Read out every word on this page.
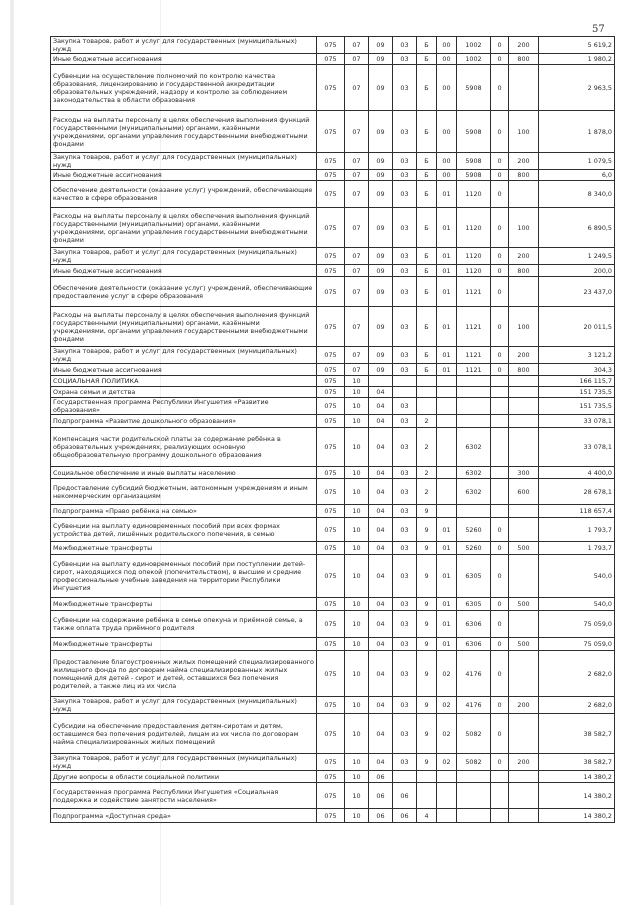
57
Закупка товаров, работ и услуг для государственных (муниципальных) нужд	075	07	09	03	Б	00	1002	0	200	5 619,2
Иные бюджетные ассигнования	075	07	09	03	Б	00	1002	0	800	1 980,2
Субвенции на осуществление полномочий по контролю качества образования, лицензированию и государственной аккредитации образовательных учреждений, надзору и контролю за соблюдением законодательства в области образования	075	07	09	03	Б	00	5908	0		2 963,5
Расходы на выплаты персоналу в целях обеспечения выполнения функций государственными (муниципальными) органами, казёнными учреждениями, органами управления государственными внебюджетными фондами	075	07	09	03	Б	00	5908	0	100	1 878,0
Закупка товаров, работ и услуг для государственных (муниципальных) нужд	075	07	09	03	Б	00	5908	0	200	1 079,5
Иные бюджетные ассигнования	075	07	09	03	Б	00	5908	0	800	6,0
Обеспечение деятельности (оказание услуг) учреждений, обеспечивающие качество в сфере образования	075	07	09	03	Б	01	1120	0		8 340,0
Расходы на выплаты персоналу в целях обеспечения выполнения функций государственными (муниципальными) органами, казёнными учреждениями, органами управления государственными внебюджетными фондами	075	07	09	03	Б	01	1120	0	100	6 890,5
Закупка товаров, работ и услуг для государственных (муниципальных) нужд	075	07	09	03	Б	01	1120	0	200	1 249,5
Иные бюджетные ассигнования	075	07	09	03	Б	01	1120	0	800	200,0
Обеспечение деятельности (оказание услуг) учреждений, обеспечивающие предоставление услуг в сфере образования	075	07	09	03	Б	01	1121	0		23 437,0
Расходы на выплаты персоналу в целях обеспечения выполнения функций государственными (муниципальными) органами, казёнными учреждениями, органами управления государственными внебюджетными фондами	075	07	09	03	Б	01	1121	0	100	20 011,5
Закупка товаров, работ и услуг для государственных (муниципальных) нужд	075	07	09	03	Б	01	1121	0	200	3 121,2
Иные бюджетные ассигнования	075	07	09	03	Б	01	1121	0	800	304,3
СОЦИАЛЬНАЯ ПОЛИТИКА	075	10								166 115,7
Охрана семьи и детства	075	10	04							151 735,5
Государственная программа Республики Ингушетия «Развитие образования»	075	10	04	03						151 735,5
Подпрограмма «Развитие дошкольного образования»	075	10	04	03	2					33 078,1
Компенсация части родительской платы за содержание ребёнка в образовательных учреждениях, реализующих основную общеобразовательную программу дошкольного образования	075	10	04	03	2		6302			33 078,1
Социальное обеспечение и иные выплаты населению	075	10	04	03	2		6302		300	4 400,0
Предоставление субсидий бюджетным, автономным учреждениям и иным некоммерческим организациям	075	10	04	03	2		6302		600	28 678,1
Подпрограмма «Право ребёнка на семью»	075	10	04	03	9					118 657,4
Субвенции на выплату единовременных пособий при всех формах устройства детей, лишённых родительского попечения, в семью	075	10	04	03	9	01	5260	0		1 793,7
Межбюджетные трансферты	075	10	04	03	9	01	5260	0	500	1 793,7
Субвенции на выплату единовременных пособий при поступлении детей-сирот, находящихся под опекой (попечительством), в высшие и средние профессиональные учебные заведения на территории Республики Ингушетия	075	10	04	03	9	01	6305	0		540,0
Межбюджетные трансферты	075	10	04	03	9	01	6305	0	500	540,0
Субвенции на содержание ребёнка в семье опекуна и приёмной семье, а также оплата труда приёмного родителя	075	10	04	03	9	01	6306	0		75 059,0
Межбюджетные трансферты	075	10	04	03	9	01	6306	0	500	75 059,0
Предоставление благоустроенных жилых помещений специализированного жилищного фонда по договорам найма специализированных жилых помещений для детей - сирот и детей, оставшихся без попечения родителей, а также лиц из их числа	075	10	04	03	9	02	4176	0		2 682,0
Закупка товаров, работ и услуг для государственных (муниципальных) нужд	075	10	04	03	9	02	4176	0	200	2 682,0
Субсидии на обеспечение предоставления детям-сиротам и детям, оставшимся без попечения родителей, лицам из их числа по договорам найма специализированных жилых помещений	075	10	04	03	9	02	5082	0		38 582,7
Закупка товаров, работ и услуг для государственных (муниципальных) нужд	075	10	04	03	9	02	5082	0	200	38 582,7
Другие вопросы в области социальной политики	075	10	06							14 380,2
Государственная программа Республики Ингушетия «Социальная поддержка и содействие занятости населения»	075	10	06	06						14 380,2
Подпрограмма «Доступная среда»	075	10	06	06	4					14 380,2
